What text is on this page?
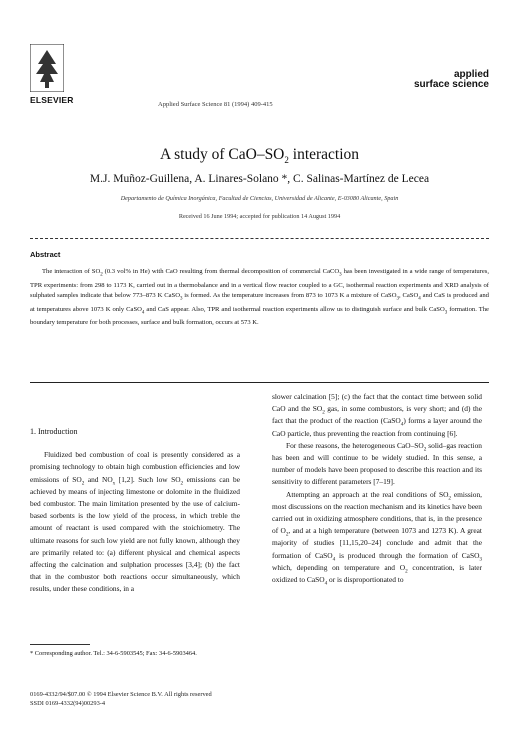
ELSEVIER	Applied Surface Science 81 (1994) 409-415
applied
surface science
A study of CaO–$SO_2$ interaction
M.J. Muñoz-Guillena, A. Linares-Solano *, C. Salinas-Martínez de Lecea
Departamento de Química Inorgánica, Facultad de Ciencias, Universidad de Alicante, E-03080 Alicante, Spain
Received 16 June 1994; accepted for publication 14 August 1994
Abstract
The interaction of $SO_2$ (0.3 vol% in He) with CaO resulting from thermal decomposition of commercial CaCO$_3$ has been investigated in a wide range of temperatures, TPR experiments: from 298 to 1173 K, carried out in a thermobalance and in a vertical flow reactor coupled to a GC, isothermal reaction experiments and XRD analysis of sulphated samples indicate that below 773–873 K CaSO$_3$ is formed. As the temperature increases from 873 to 1073 K a mixture of CaSO$_3$, CaSO$_4$ and CaS is produced and at temperatures above 1073 K only CaSO$_4$ and CaS appear. Also, TPR and isothermal reaction experiments allow us to distinguish surface and bulk CaSO$_3$ formation. The boundary temperature for both processes, surface and bulk formation, occurs at 573 K.
1. Introduction
Fluidized bed combustion of coal is presently considered as a promising technology to obtain high combustion efficiencies and low emissions of $SO_2$ and $NO_x$ [1,2]. Such low $SO_2$ emissions can be achieved by means of injecting limestone or dolomite in the fluidized bed combustor. The main limitation presented by the use of calcium-based sorbents is the low yield of the process, in which treble the amount of reactant is used compared with the stoichiometry. The ultimate reasons for such low yield are not fully known, although they are primarily related to: (a) different physical and chemical aspects affecting the calcination and sulphation processes [3,4]; (b) the fact that in the combustor both reactions occur simultaneously, which results, under these conditions, in a
slower calcination [5]; (c) the fact that the contact time between solid CaO and the $SO_2$ gas, in some combustors, is very short; and (d) the fact that the product of the reaction (CaSO$_4$) forms a layer around the CaO particle, thus preventing the reaction from continuing [6].
For these reasons, the heterogeneous CaO–$SO_2$ solid–gas reaction has been and will continue to be widely studied. In this sense, a number of models have been proposed to describe this reaction and its sensitivity to different parameters [7–19].
Attempting an approach at the real conditions of $SO_2$ emission, most discussions on the reaction mechanism and its kinetics have been carried out in oxidizing atmosphere conditions, that is, in the presence of $O_2$, and at a high temperature (between 1073 and 1273 K). A great majority of studies [11,15,20–24] conclude and admit that the formation of CaSO$_4$ is produced through the formation of CaSO$_3$ which, depending on temperature and $O_2$ concentration, is later oxidized to CaSO$_4$ or is disproportionated to
* Corresponding author. Tel.: 34-6-5903545; Fax: 34-6-5903464.
0169-4332/94/$07.00 © 1994 Elsevier Science B.V. All rights reserved
SSDI 0169-4332(94)00293-4
